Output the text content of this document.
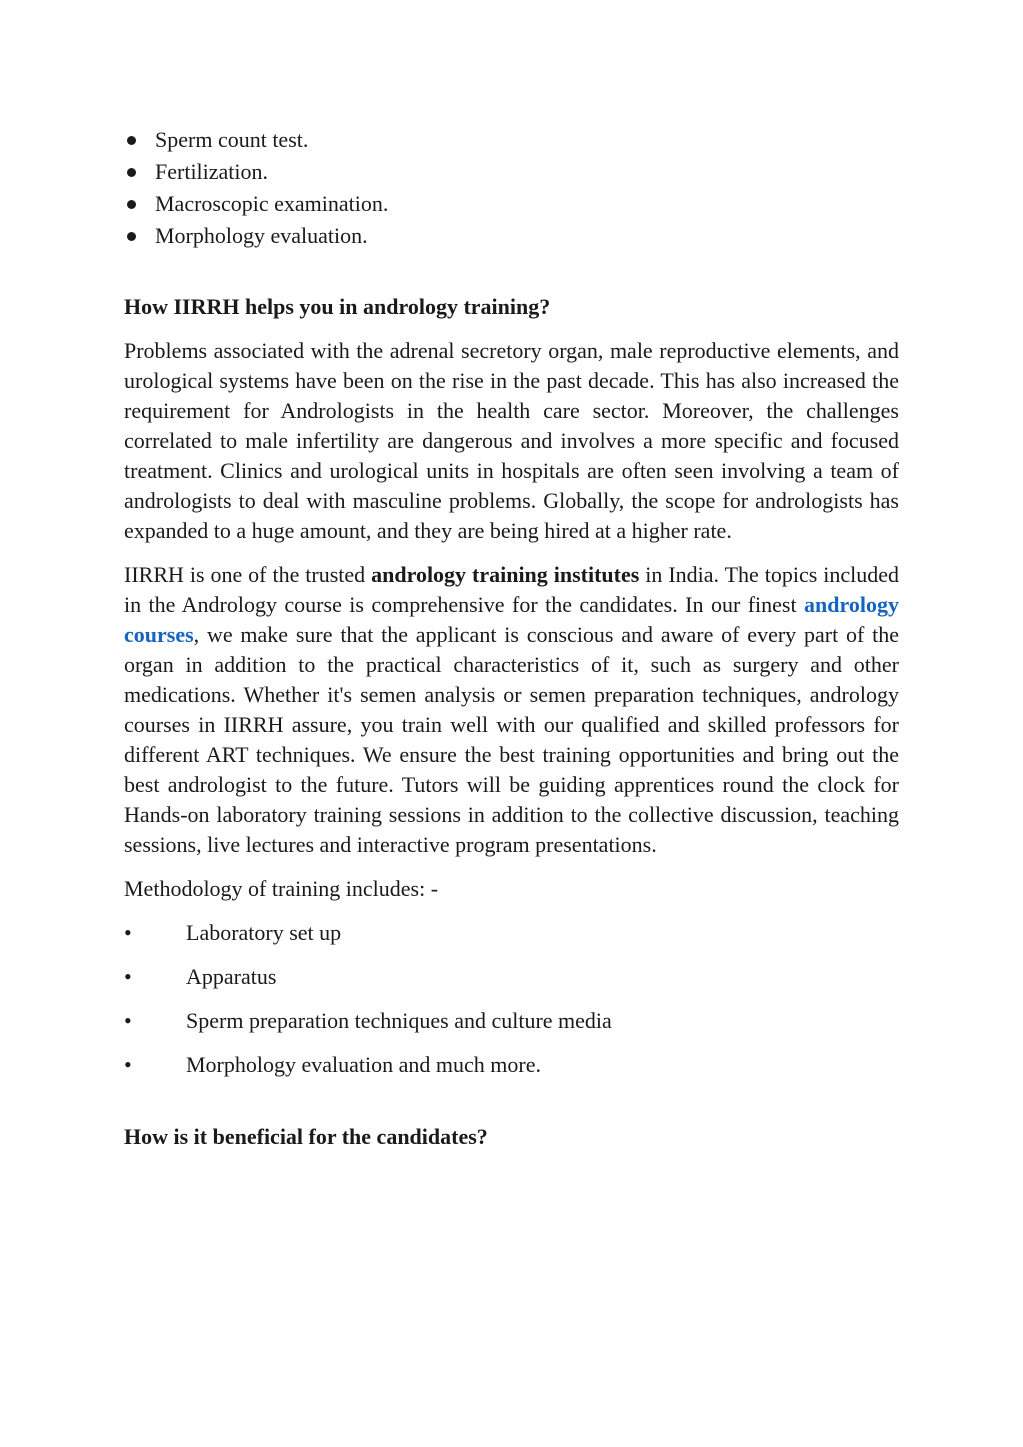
Sperm count test.
Fertilization.
Macroscopic examination.
Morphology evaluation.
How IIRRH helps you in andrology training?

Problems associated with the adrenal secretory organ, male reproductive elements, and urological systems have been on the rise in the past decade. This has also increased the requirement for Andrologists in the health care sector. Moreover, the challenges correlated to male infertility are dangerous and involves a more specific and focused treatment. Clinics and urological units in hospitals are often seen involving a team of andrologists to deal with masculine problems. Globally, the scope for andrologists has expanded to a huge amount, and they are being hired at a higher rate.

IIRRH is one of the trusted andrology training institutes in India. The topics included in the Andrology course is comprehensive for the candidates. In our finest andrology courses, we make sure that the applicant is conscious and aware of every part of the organ in addition to the practical characteristics of it, such as surgery and other medications. Whether it's semen analysis or semen preparation techniques, andrology courses in IIRRH assure, you train well with our qualified and skilled professors for different ART techniques. We ensure the best training opportunities and bring out the best andrologist to the future. Tutors will be guiding apprentices round the clock for Hands-on laboratory training sessions in addition to the collective discussion, teaching sessions, live lectures and interactive program presentations.

Methodology of training includes: -

• Laboratory set up
• Apparatus
• Sperm preparation techniques and culture media
• Morphology evaluation and much more.
How is it beneficial for the candidates?
